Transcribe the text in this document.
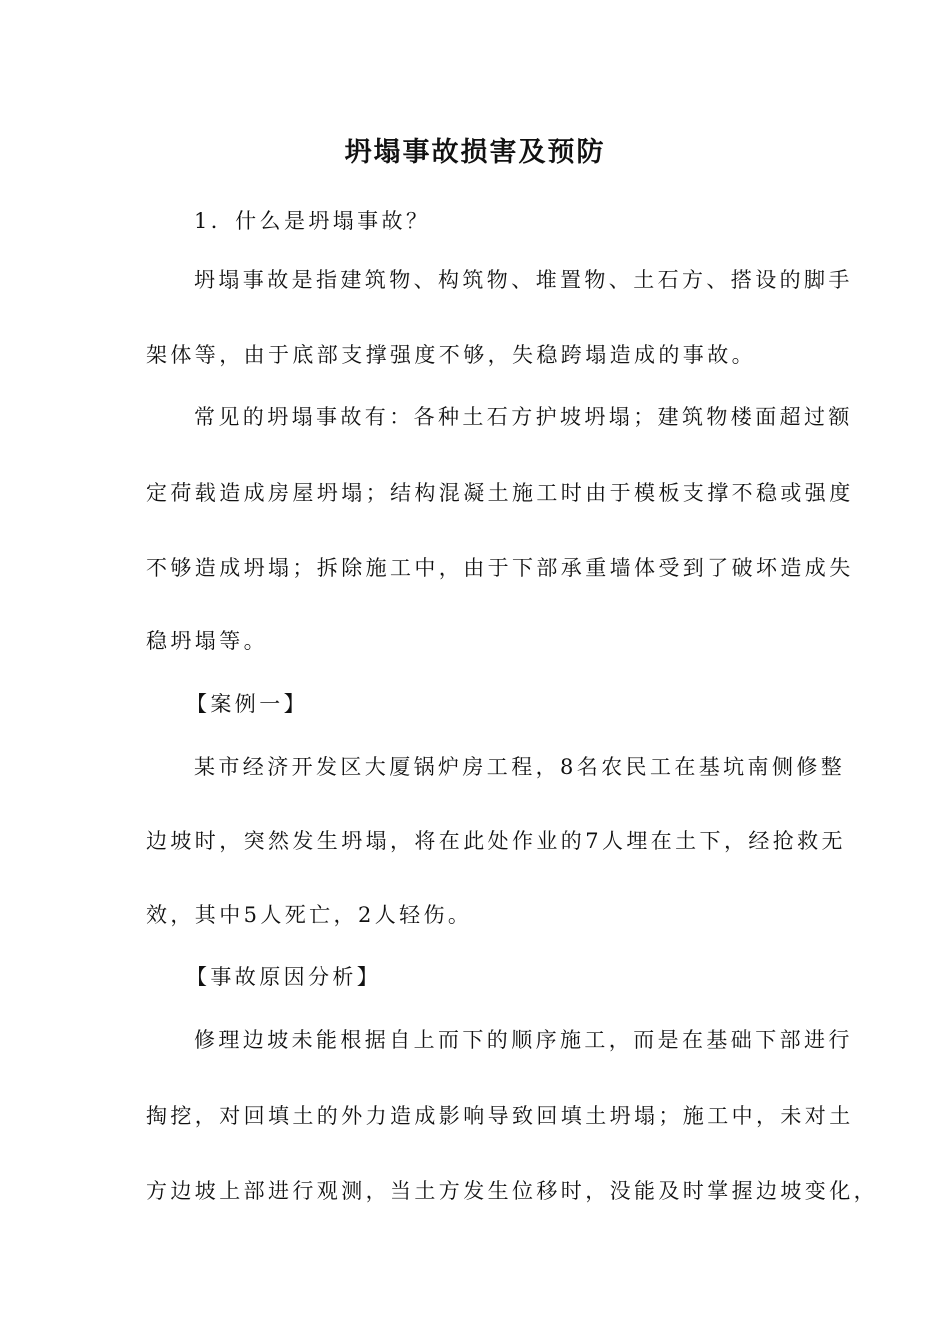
坍塌事故损害及预防

1．什么是坍塌事故？

坍塌事故是指建筑物、构筑物、堆置物、土石方、搭设的脚手

架体等，由于底部支撑强度不够，失稳跨塌造成的事故。

常见的坍塌事故有：各种土石方护坡坍塌；建筑物楼面超过额

定荷载造成房屋坍塌；结构混凝土施工时由于模板支撑不稳或强度

不够造成坍塌；拆除施工中，由于下部承重墙体受到了破坏造成失

稳坍塌等。

【案例一】

某市经济开发区大厦锅炉房工程，8名农民工在基坑南侧修整

边坡时，突然发生坍塌，将在此处作业的7人埋在土下，经抢救无

效，其中5人死亡，2人轻伤。

【事故原因分析】

修理边坡未能根据自上而下的顺序施工，而是在基础下部进行

掏挖，对回填土的外力造成影响导致回填土坍塌；施工中，未对土

方边坡上部进行观测，当土方发生位移时，没能及时掌握边坡变化，
